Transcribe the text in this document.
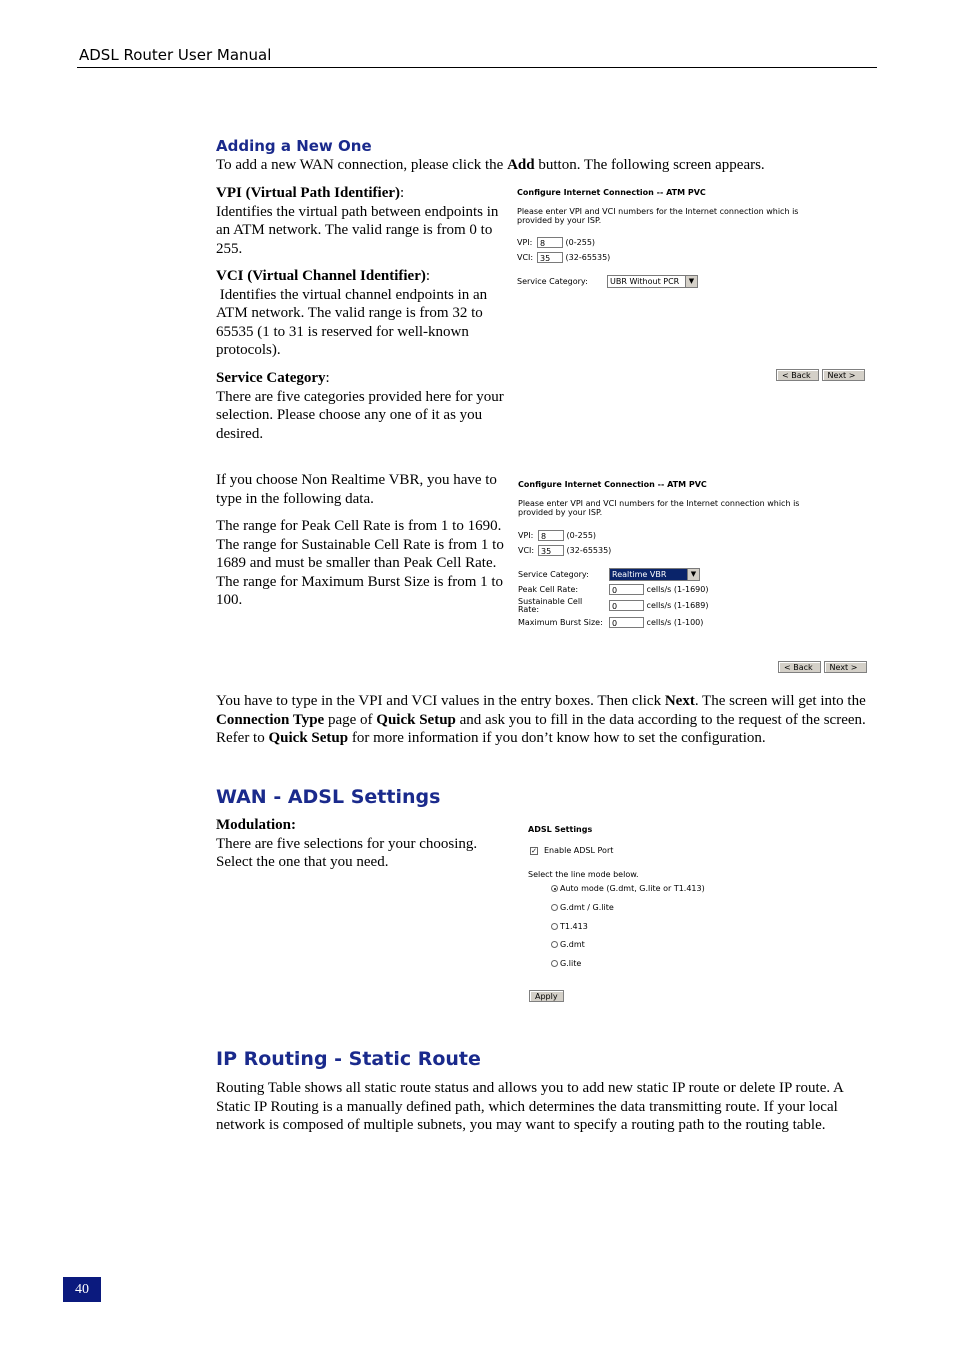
ADSL Router User Manual
Adding a New One
To add a new WAN connection, please click the Add button. The following screen appears.

VPI (Virtual Path Identifier):

Identifies the virtual path between endpoints in an ATM network. The valid range is from 0 to 255.

VCI (Virtual Channel Identifier):

Identifies the virtual channel endpoints in an ATM network. The valid range is from 32 to 65535 (1 to 31 is reserved for well-known protocols).

Service Category:

There are five categories provided here for your selection. Please choose any one of it as you desired.

If you choose Non Realtime VBR, you have to type in the following data.

The range for Peak Cell Rate is from 1 to 1690.

The range for Sustainable Cell Rate is from 1 to 1689 and must be smaller than Peak Cell Rate.

The range for Maximum Burst Size is from 1 to 100.

Configure Internet Connection -- ATM PVC
Please enter VPI and VCI numbers for the Internet connection which is provided by your ISP.
VPI: 8	(0-255)
VCI: 35 (32-65535)
Service Category:	UBR Without PCR	▼
< Back Next >
Configure Internet Connection -- ATM PVC
Please enter VPI and VCI numbers for the Internet connection which is provided by your ISP.
VPI: 8	(0-255)
VCI: 35 (32-65535)
Service Category:	Realtime VBR	▼
Peak Cell Rate:	0	cells/s (1-1690)
Sustainable Cell
Rate:	0	cells/s (1-1689)
Maximum Burst Size: 0	cells/s (1-100)
< Back Next >
You have to type in the VPI and VCI values in the entry boxes. Then click Next. The screen will get into the Connection Type page of Quick Setup and ask you to fill in the data according to the request of the screen. Refer to Quick Setup for more information if you don’t know how to set the configuration.
WAN - ADSL Settings

Modulation:

There are five selections for your choosing. Select the one that you need.

ADSL Settings
✓ Enable ADSL Port
Select the line mode below.
Auto mode (G.dmt, G.lite or T1.413)
G.dmt / G.lite
T1.413
G.dmt
G.lite
Apply
IP Routing - Static Route
Routing Table shows all static route status and allows you to add new static IP route or delete IP route. A Static IP Routing is a manually defined path, which determines the data transmitting route. If your local network is composed of multiple subnets, you may want to specify a routing path to the routing table.
40
